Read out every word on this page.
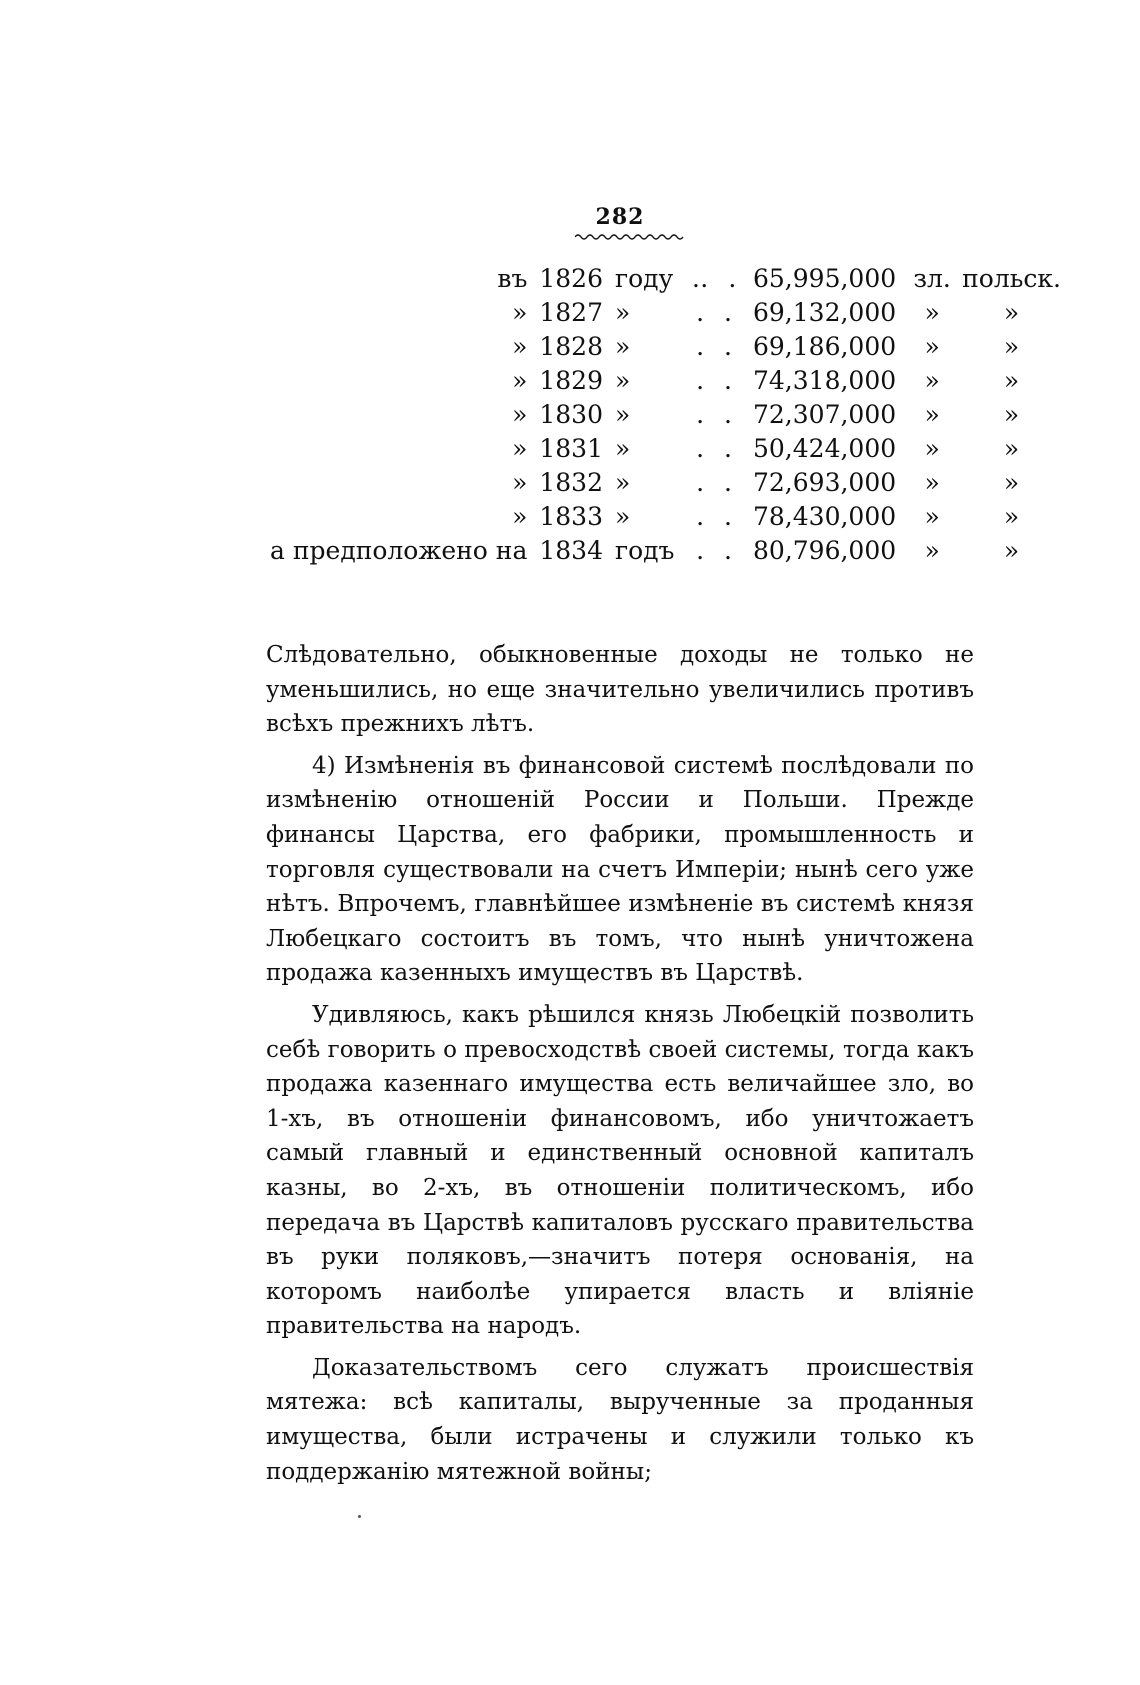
282
въ	1826	году	‥ .	65,995,000	зл.	польск.
»	1827	»	. .	69,132,000	»	»
»	1828	»	. .	69,186,000	»	»
»	1829	»	. .	74,318,000	»	»
»	1830	»	. .	72,307,000	»	»
»	1831	»	. .	50,424,000	»	»
»	1832	»	. .	72,693,000	»	»
»	1833	»	. .	78,430,000	»	»
а предположено на	1834	годъ	. .	80,796,000	»	»

Слѣдовательно, обыкновенные доходы не только не уменьшились, но еще значительно увеличились противъ всѣхъ прежнихъ лѣтъ.

4) Измѣненія въ финансовой системѣ послѣдовали по измѣненію отношеній России и Польши. Прежде финансы Царства, его фабрики, промышленность и торговля существовали на счетъ Имперіи; нынѣ сего уже нѣтъ. Впрочемъ, главнѣйшее измѣненіе въ системѣ князя Любецкаго состоитъ въ томъ, что нынѣ уничтожена продажа казенныхъ имуществъ въ Царствѣ.

Удивляюсь, какъ рѣшился князь Любецкій позволить себѣ говорить о превосходствѣ своей системы, тогда какъ продажа казеннаго имущества есть величайшее зло, во 1-хъ, въ отношеніи финансовомъ, ибо уничтожаетъ самый главный и единственный основной капиталъ казны, во 2-хъ, въ отношеніи политическомъ, ибо передача въ Царствѣ капиталовъ русскаго правительства въ руки поляковъ,—значитъ потеря основанія, на которомъ наиболѣе упирается власть и вліяніе правительства на народъ.

Доказательствомъ сего служатъ происшествія мятежа: всѣ капиталы, вырученные за проданныя имущества, были истрачены и служили только къ поддержанію мятежной войны;
